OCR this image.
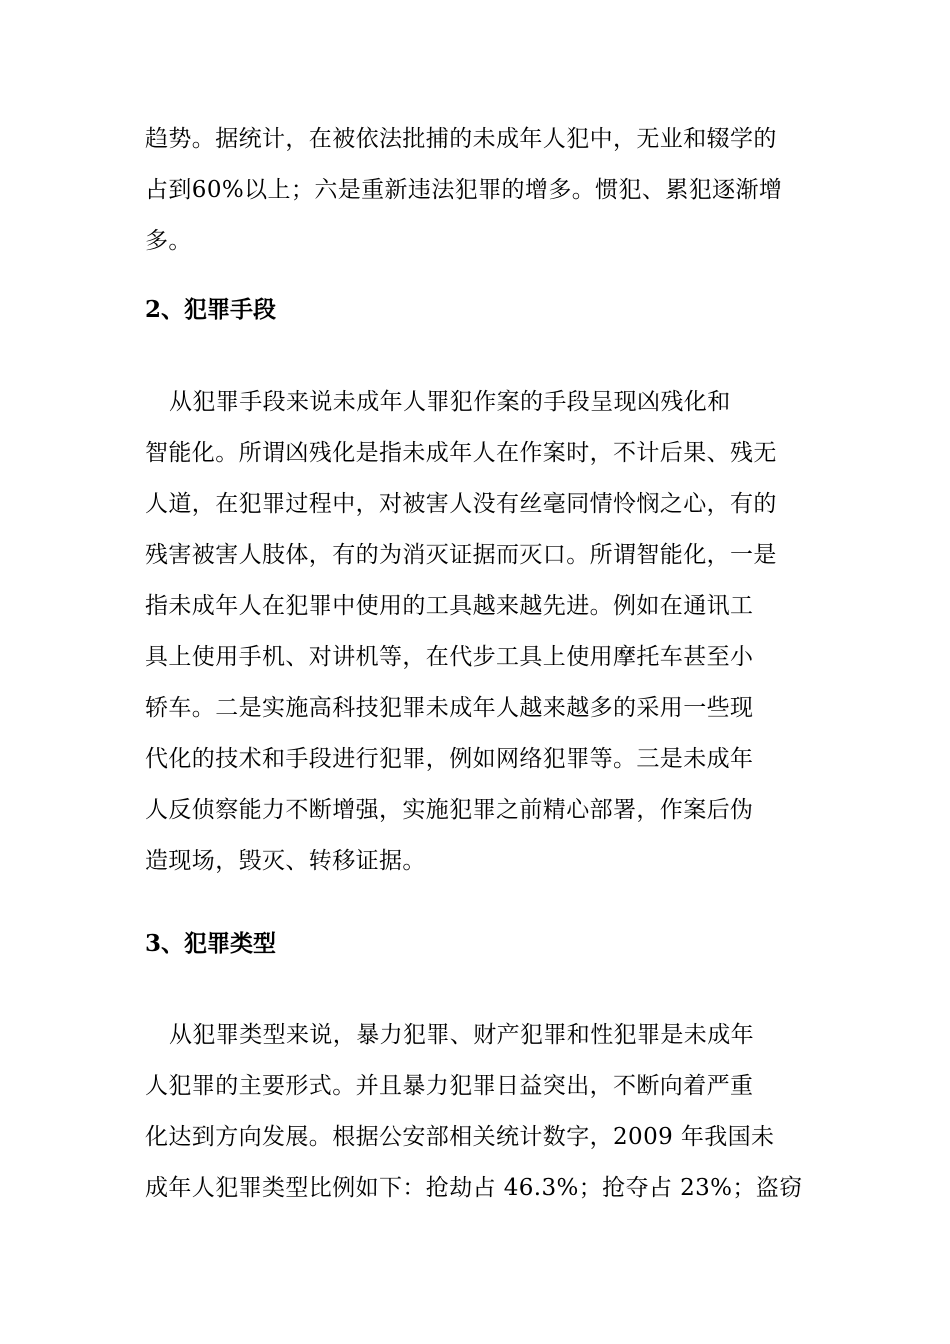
趋势。据统计，在被依法批捕的未成年人犯中，无业和辍学的
占到60%以上；六是重新违法犯罪的增多。惯犯、累犯逐渐增
多。
2、犯罪手段
从犯罪手段来说未成年人罪犯作案的手段呈现凶残化和
智能化。所谓凶残化是指未成年人在作案时，不计后果、残无
人道，在犯罪过程中，对被害人没有丝毫同情怜悯之心，有的
残害被害人肢体，有的为消灭证据而灭口。所谓智能化，一是
指未成年人在犯罪中使用的工具越来越先进。例如在通讯工
具上使用手机、对讲机等，在代步工具上使用摩托车甚至小
轿车。二是实施高科技犯罪未成年人越来越多的采用一些现
代化的技术和手段进行犯罪，例如网络犯罪等。三是未成年
人反侦察能力不断增强，实施犯罪之前精心部署，作案后伪
造现场，毁灭、转移证据。
3、犯罪类型
从犯罪类型来说，暴力犯罪、财产犯罪和性犯罪是未成年
人犯罪的主要形式。并且暴力犯罪日益突出，不断向着严重
化达到方向发展。根据公安部相关统计数字，2009 年我国未
成年人犯罪类型比例如下：抢劫占 46.3%；抢夺占 23%；盗窃
